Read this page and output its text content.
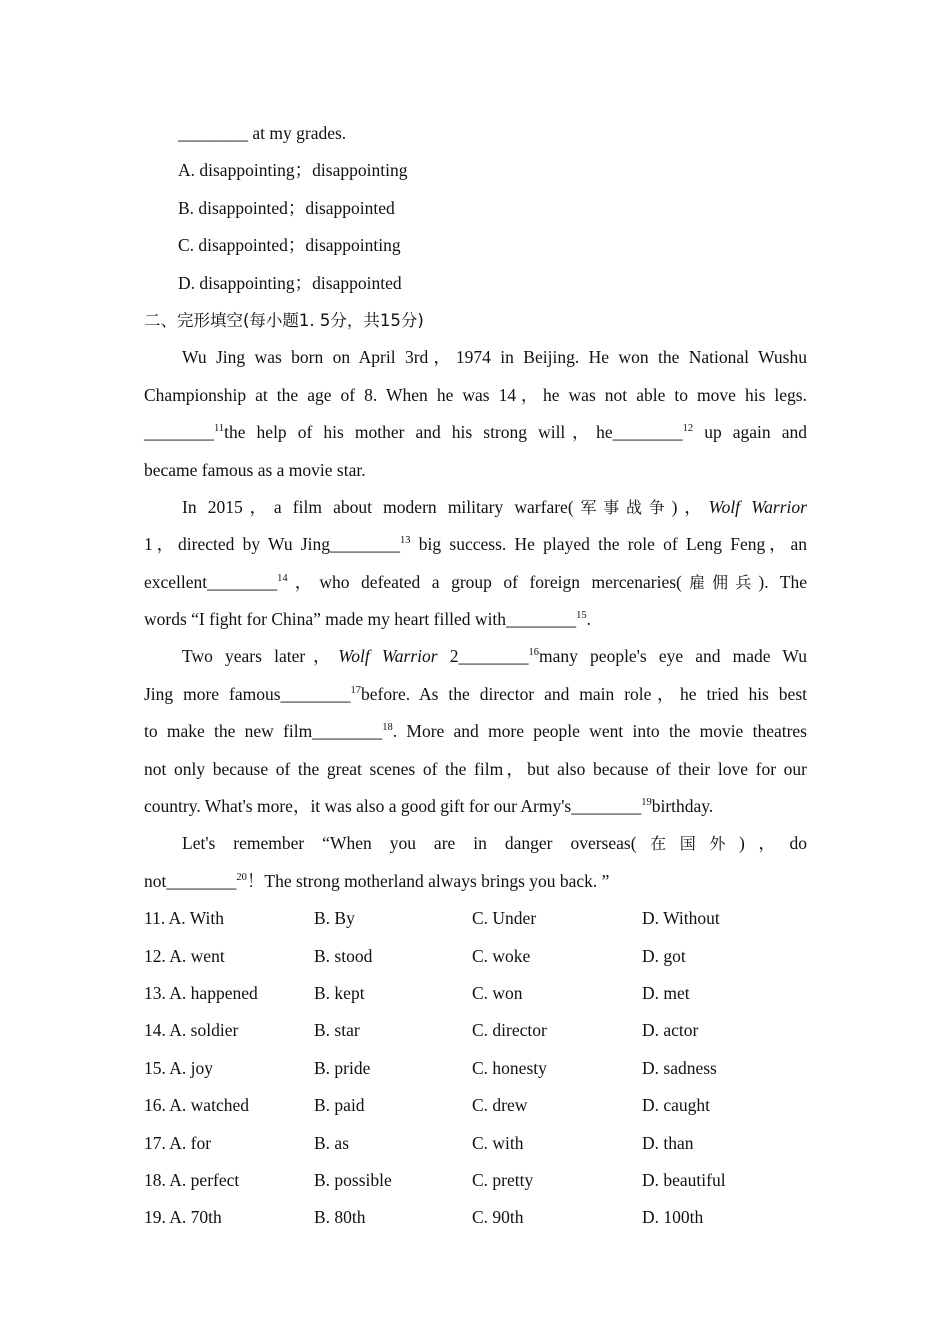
________ at my grades.
A. disappointing；disappointing
B. disappointed；disappointed
C. disappointed；disappointing
D. disappointing；disappointed
二、完形填空(每小题1. 5分，共15分)
Wu Jing was born on April 3rd，1974 in Beijing. He won the National Wushu
Championship at the age of 8. When he was 14，he was not able to move his legs.
________$^{11}$the help of his mother and his strong will，he________$^{12}$ up again and
became famous as a movie star.
In 2015，a film about modern military warfare(军事战争)，Wolf Warrior
1，directed by Wu Jing________$^{13}$ big success. He played the role of Leng Feng，an
excellent________$^{14}$，who defeated a group of foreign mercenaries(雇佣兵). The
words “I fight for China” made my heart filled with________$^{15}$.
Two years later，Wolf Warrior 2________$^{16}$many people's eye and made Wu
Jing more famous________$^{17}$before. As the director and main role，he tried his best
to make the new film________$^{18}$. More and more people went into the movie theatres
not only because of the great scenes of the film，but also because of their love for our
country. What's more，it was also a good gift for our Army's________$^{19}$birthday.
Let's remember “When you are in danger overseas(在国外)，do
not________$^{20}$！The strong motherland always brings you back. ”
11. A. With	B. By	C. Under	D. Without
12. A. went	B. stood	C. woke	D. got
13. A. happened	B. kept	C. won	D. met
14. A. soldier	B. star	C. director	D. actor
15. A. joy	B. pride	C. honesty	D. sadness
16. A. watched	B. paid	C. drew	D. caught
17. A. for	B. as	C. with	D. than
18. A. perfect	B. possible	C. pretty	D. beautiful
19. A. 70th	B. 80th	C. 90th	D. 100th
